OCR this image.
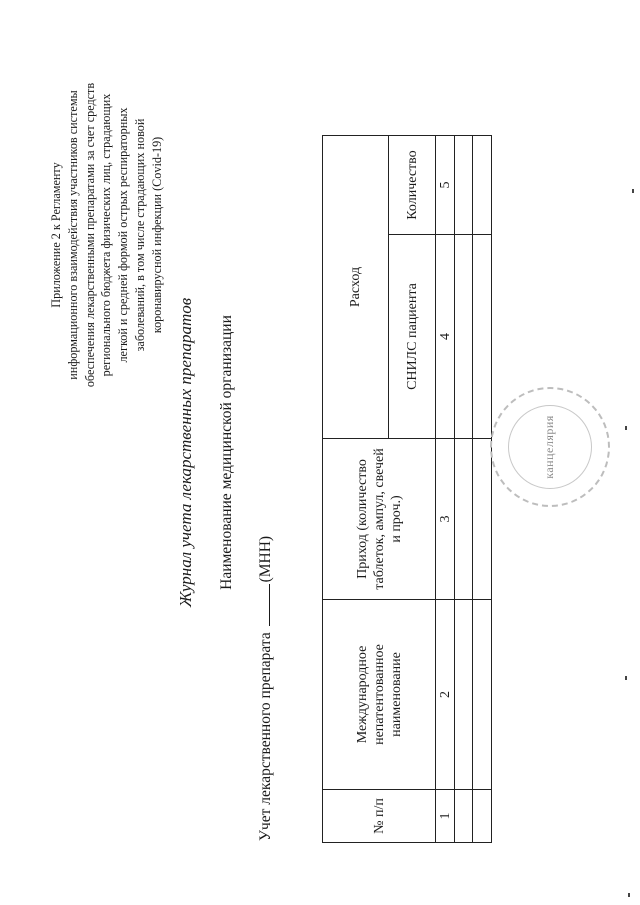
Приложение 2 к Регламенту информационного взаимодействия участников системы обеспечения лекарственными препаратами за счет средств регионального бюджета физических лиц, страдающих легкой и средней формой острых респираторных заболеваний, в том числе страдающих новой коронавирусной инфекции (Covid-19)
Журнал учета лекарственных препаратов Наименование медицинской организации
Учет лекарственного препарата (МНН)
№ п/п	Международное непатентованное наименование	Приход (количество таблеток, ампул, свечей и проч.)	Расход	
			СНИЛС пациента	Количество
1	2	3	4	5

канцелярия
